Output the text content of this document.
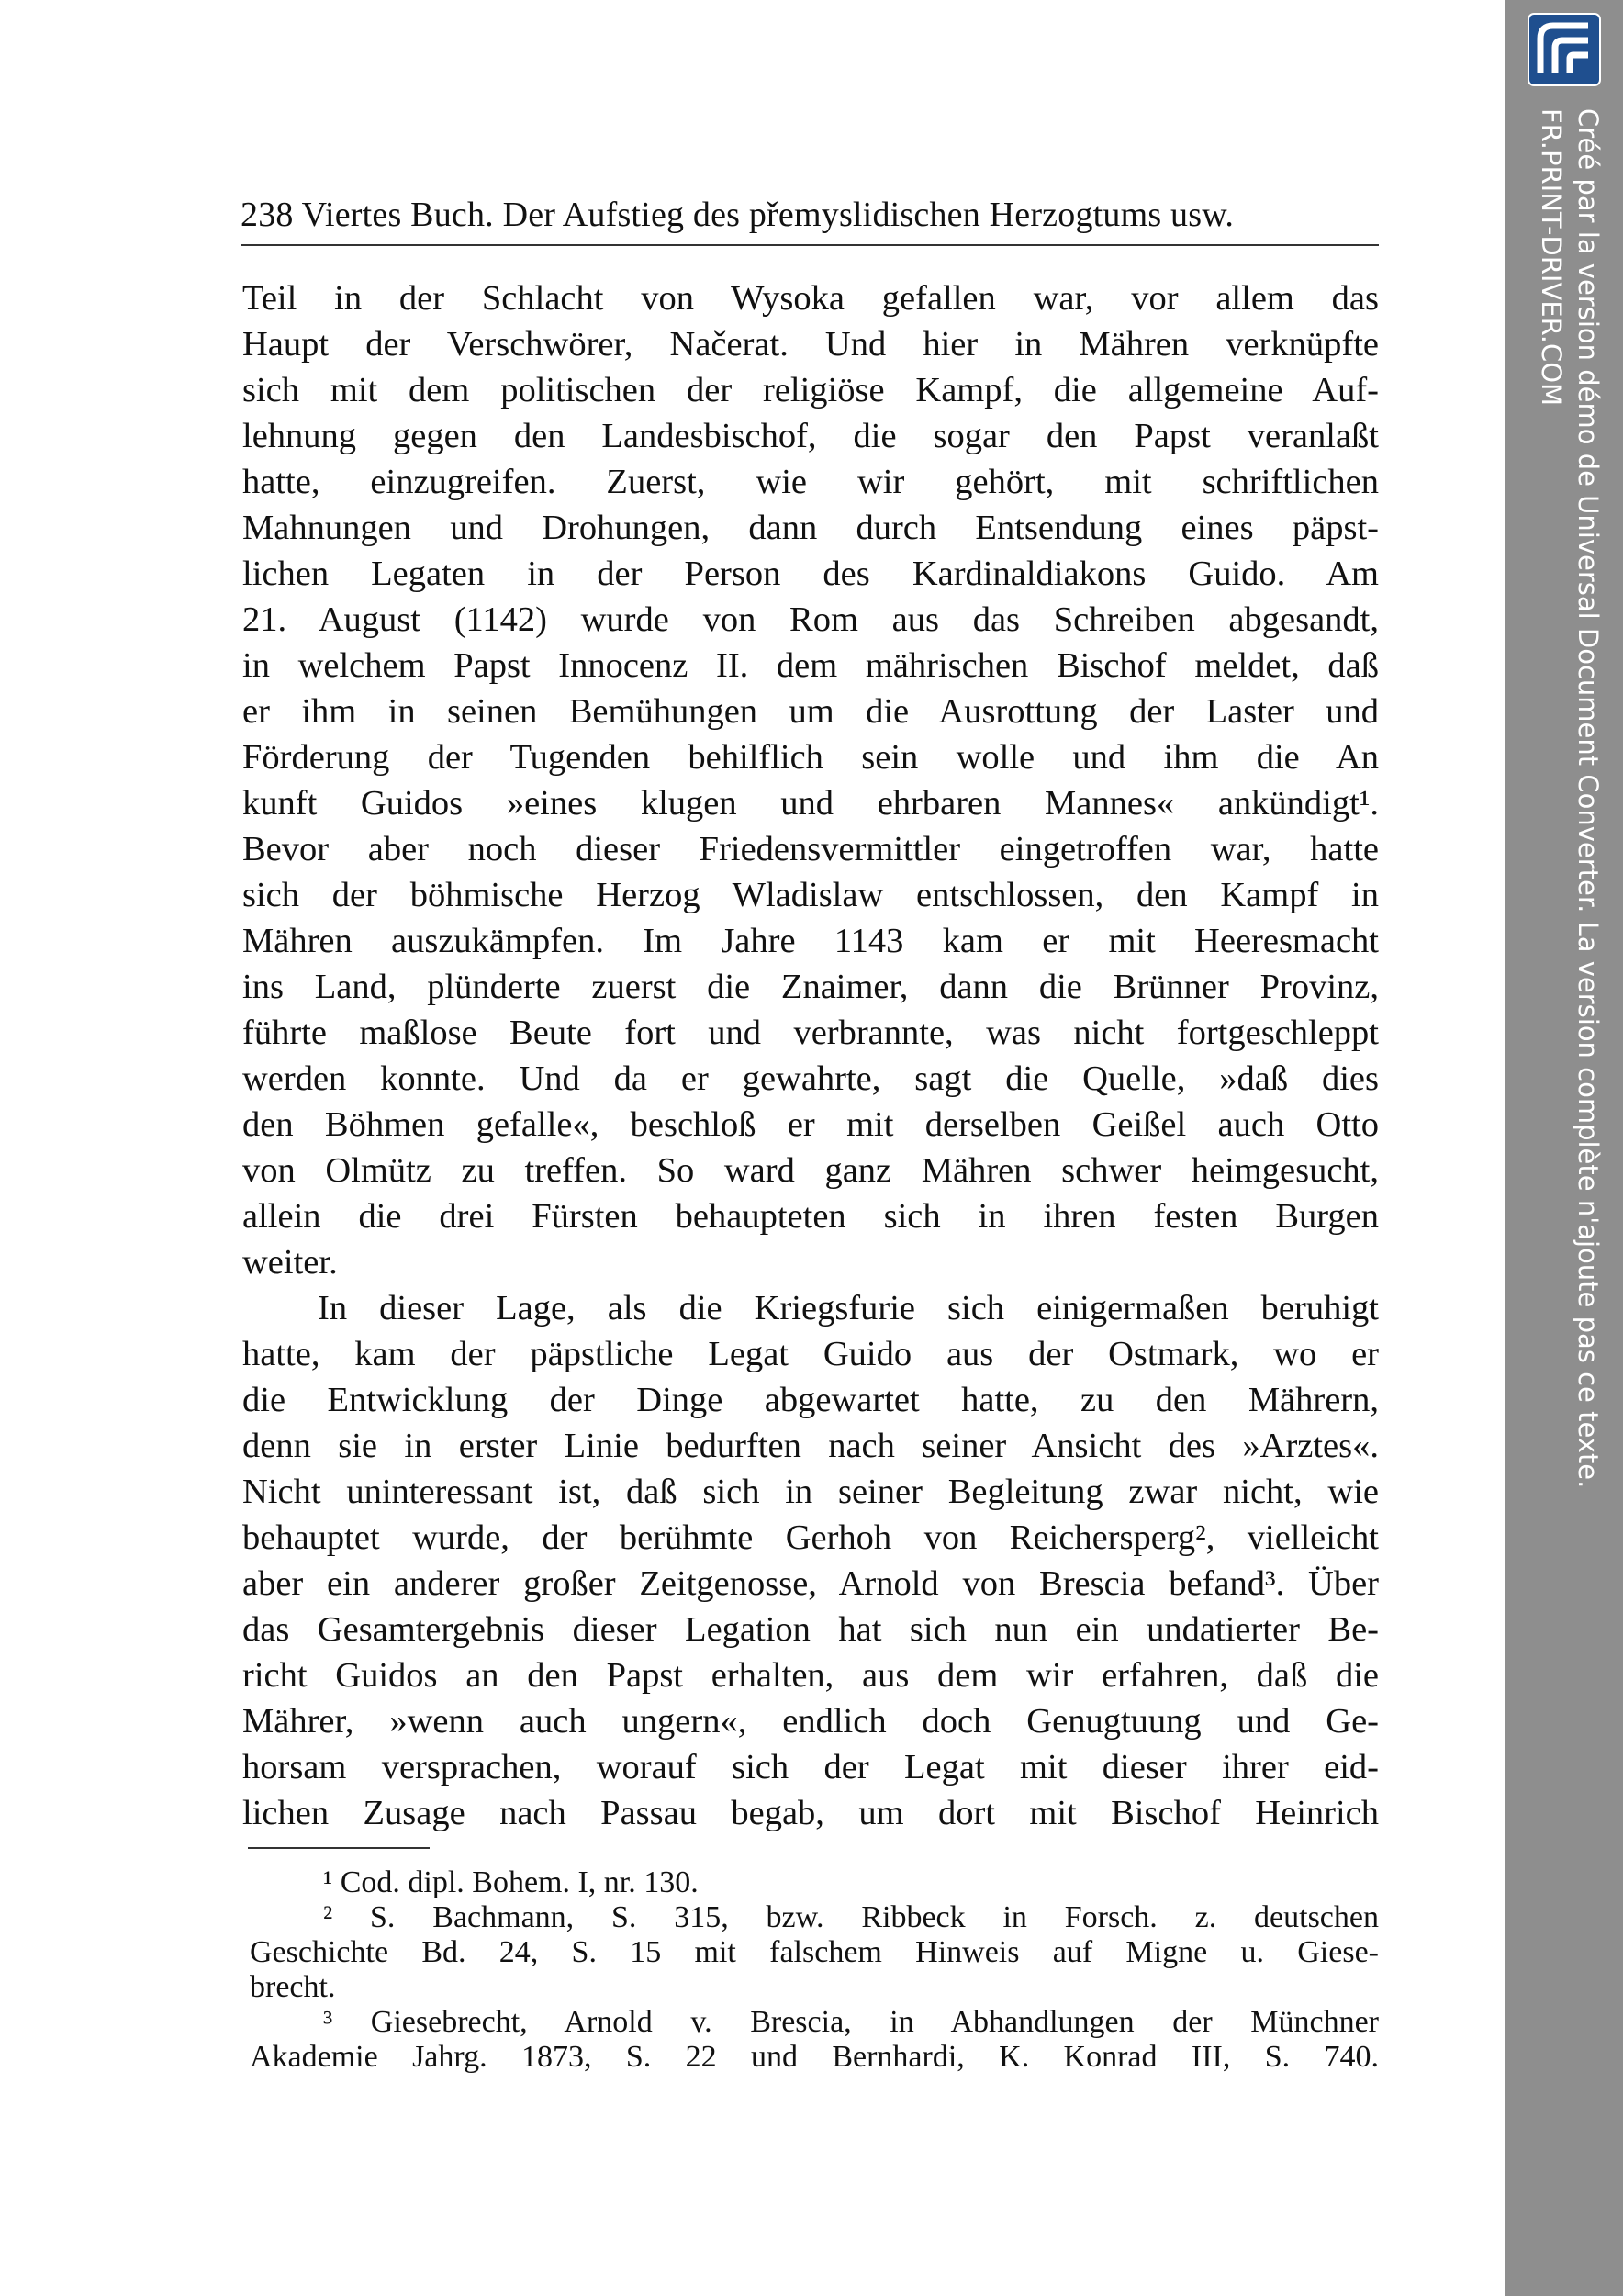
238 Viertes Buch. Der Aufstieg des přemyslidischen Herzogtums usw.
Teil in der Schlacht von Wysoka gefallen war, vor allem das
Haupt der Verschwörer, Načerat. Und hier in Mähren verknüpfte
sich mit dem politischen der religiöse Kampf, die allgemeine Auf-
lehnung gegen den Landesbischof, die sogar den Papst veranlaßt
hatte, einzugreifen. Zuerst, wie wir gehört, mit schriftlichen
Mahnungen und Drohungen, dann durch Entsendung eines päpst-
lichen Legaten in der Person des Kardinaldiakons Guido. Am
21. August (1142) wurde von Rom aus das Schreiben abgesandt,
in welchem Papst Innocenz II. dem mährischen Bischof meldet, daß
er ihm in seinen Bemühungen um die Ausrottung der Laster und
Förderung der Tugenden behilflich sein wolle und ihm die An
kunft Guidos »eines klugen und ehrbaren Mannes« ankündigt¹.
Bevor aber noch dieser Friedensvermittler eingetroffen war, hatte
sich der böhmische Herzog Wladislaw entschlossen, den Kampf in
Mähren auszukämpfen. Im Jahre 1143 kam er mit Heeresmacht
ins Land, plünderte zuerst die Znaimer, dann die Brünner Provinz,
führte maßlose Beute fort und verbrannte, was nicht fortgeschleppt
werden konnte. Und da er gewahrte, sagt die Quelle, »daß dies
den Böhmen gefalle«, beschloß er mit derselben Geißel auch Otto
von Olmütz zu treffen. So ward ganz Mähren schwer heimgesucht,
allein die drei Fürsten behaupteten sich in ihren festen Burgen
weiter.
In dieser Lage, als die Kriegsfurie sich einigermaßen beruhigt
hatte, kam der päpstliche Legat Guido aus der Ostmark, wo er
die Entwicklung der Dinge abgewartet hatte, zu den Mährern,
denn sie in erster Linie bedurften nach seiner Ansicht des »Arztes«.
Nicht uninteressant ist, daß sich in seiner Begleitung zwar nicht, wie
behauptet wurde, der berühmte Gerhoh von Reichersperg², vielleicht
aber ein anderer großer Zeitgenosse, Arnold von Brescia befand³. Über
das Gesamtergebnis dieser Legation hat sich nun ein undatierter Be-
richt Guidos an den Papst erhalten, aus dem wir erfahren, daß die
Mährer, »wenn auch ungern«, endlich doch Genugtuung und Ge-
horsam versprachen, worauf sich der Legat mit dieser ihrer eid-
lichen Zusage nach Passau begab, um dort mit Bischof Heinrich
¹ Cod. dipl. Bohem. I, nr. 130.
² S. Bachmann, S. 315, bzw. Ribbeck in Forsch. z. deutschen
Geschichte Bd. 24, S. 15 mit falschem Hinweis auf Migne u. Giese-
brecht.
³ Giesebrecht, Arnold v. Brescia, in Abhandlungen der Münchner
Akademie Jahrg. 1873, S. 22 und Bernhardi, K. Konrad III, S. 740.
Créé par la version démo de Universal Document Converter. La version complète n'ajoute pas ce texte.
FR.PRINT-DRIVER.COM
